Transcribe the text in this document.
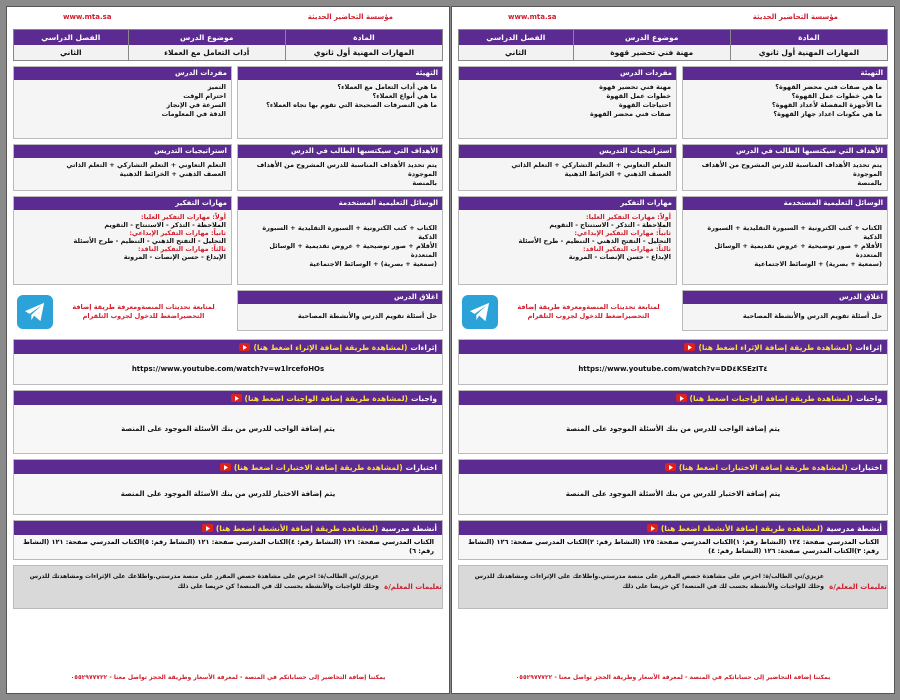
مؤسسة التحاضير الحديثة
www.mta.sa
المادة
موضوع الدرس
الفصل الدراسي
المهارات المهنية أول ثانوي
أداب التعامل مع العملاء
الثاني
التهيئة
ما هي أداب التعامل مع العملاء؟
ما هي أنواع العملاء؟
ما هي التصرفات الصحيحة التي تقوم بها تجاه العملاء؟
الأهداف التي سيكتسبها الطالب في الدرس
يتم تحديد الأهداف المناسبة للدرس المشروح من الأهداف الموجودة
بالمنصة
الوسائل التعليمية المستخدمة
الكتاب + كتب الكترونية + السبورة التقليدية + السبورة الذكية
الأقلام + صور توضيحية + عروض تقديمية + الوسائل المتعددة
(سمعية + بصرية) + الوسائط الاجتماعية
اغلاق الدرس
حل أسئلة تقويم الدرس والأنشطة المصاحبة
مفردات الدرس
التميز
احترام الوقت
السرعة في الإنجاز
الدقة في المعلومات
استراتيجيات التدريس
التعلم التعاوني + التعلم التشاركي + التعلم الذاتي
العصف الذهني + الخرائط الذهنية
مهارات التفكير
أولاً: مهارات التفكير العليا:
الملاحظة - التذكر - الاستنتاج - التقويم
ثانياً: مهارات التفكير الإبداعي:
التحليل - التفتح الذهني - التنظيم - طرح الأسئلة
ثالثاً: مهارات التفكير الناقد:
الإبداع - حسن الإنصات - المرونة
لمتابعة تحديثات المنصةومعرفة طريقة إضافة التحضيراضغط للدخول لجروب التلقرام
إثراءات
(لمشاهدة طريقة إضافة الإثراء اضغط هنا)
https://www.youtube.com/watch?v=w1lrcefoHOs
واجبات
(لمشاهدة طريقة إضافة الواجبات اضغط هنا)
يتم إضافة الواجب للدرس من بنك الأسئلة الموجود على المنصة
اختبارات
(لمشاهدة طريقة إضافة الاختبارات اضغط هنا)
يتم إضافة الاختبار للدرس من بنك الأسئلة الموجود على المنصة
أنشطة مدرسية
(لمشاهدة طريقة إضافة الأنشطة اضغط هنا)
الكتاب المدرسي صفحة: ١٢١ (النشاط رقم: ٤)الكتاب المدرسي صفحة: ١٢١ (النشاط رقم: ٥)الكتاب المدرسي صفحة: ١٢١ (النشاط رقم: ٦)
تعليمات المعلم/ة
عزيزي/تي الطالب/ة: احرص على مشاهدة حصص المقرر على منصة مدرستي.واطلاعك على الإثراءات ومشاهدتك للدرس وحلك للواجبات والأنشطة بحسب لك في المنصة! كن حريصا على ذلك
يمكننا إضافة التحاضير إلى حساباتكم في المنصة - لمعرفة الأسعار وطريقة الحجز تواصل معنا - ٠٥٥٢٩٧٧٧٢٢
مؤسسة التحاضير الحديثة
www.mta.sa
المادة
موضوع الدرس
الفصل الدراسي
المهارات المهنية أول ثانوي
مهنة فني تحضير قهوة
الثاني
التهيئة
ما هي صفات فني محضر القهوة؟
ما هي خطوات عمل القهوة؟
ما الأجهزة المفضلة لأعداد القهوة؟
ما هي مكونات اعداد جهاز القهوة؟
الأهداف التي سيكتسبها الطالب في الدرس
يتم تحديد الأهداف المناسبة للدرس المشروح من الأهداف الموجودة
بالمنصة
الوسائل التعليمية المستخدمة
الكتاب + كتب الكترونية + السبورة التقليدية + السبورة الذكية
الأقلام + صور توضيحية + عروض تقديمية + الوسائل المتعددة
(سمعية + بصرية) + الوسائط الاجتماعية
اغلاق الدرس
حل أسئلة تقويم الدرس والأنشطة المصاحبة
مفردات الدرس
مهنة فني تحضير قهوة
خطوات عمل القهوة
احتياجات القهوة
صفات فني محضر القهوة
استراتيجيات التدريس
التعلم التعاوني + التعلم التشاركي + التعلم الذاتي
العصف الذهني + الخرائط الذهنية
مهارات التفكير
أولاً: مهارات التفكير العليا:
الملاحظة - التذكر - الاستنتاج - التقويم
ثانياً: مهارات التفكير الإبداعي:
التحليل - التفتح الذهني - التنظيم - طرح الأسئلة
ثالثاً: مهارات التفكير الناقد:
الإبداع - حسن الإنصات - المرونة
لمتابعة تحديثات المنصةومعرفة طريقة إضافة التحضيراضغط للدخول لجروب التلقرام
إثراءات
(لمشاهدة طريقة إضافة الإثراء اضغط هنا)
https://www.youtube.com/watch?v=DD٤KSEzIT٤
واجبات
(لمشاهدة طريقة إضافة الواجبات اضغط هنا)
يتم إضافة الواجب للدرس من بنك الأسئلة الموجود على المنصة
اختبارات
(لمشاهدة طريقة إضافة الاختبارات اضغط هنا)
يتم إضافة الاختبار للدرس من بنك الأسئلة الموجود على المنصة
أنشطة مدرسية
(لمشاهدة طريقة إضافة الأنشطة اضغط هنا)
الكتاب المدرسي صفحة: ١٢٤ (النشاط رقم: ١)الكتاب المدرسي صفحة: ١٢٥ (النشاط رقم: ٢)الكتاب المدرسي صفحة: ١٢٦ (النشاط رقم: ٣)الكتاب المدرسي صفحة: ١٢٦ (النشاط رقم: ٤)
تعليمات المعلم/ة
عزيزي/تي الطالب/ة: احرص على مشاهدة حصص المقرر على منصة مدرستي.واطلاعك على الإثراءات ومشاهدتك للدرس وحلك للواجبات والأنشطة بحسب لك في المنصة! كن حريصا على ذلك
يمكننا إضافة التحاضير إلى حساباتكم في المنصة - لمعرفة الأسعار وطريقة الحجز تواصل معنا - ٠٥٥٢٩٧٧٧٢٢
